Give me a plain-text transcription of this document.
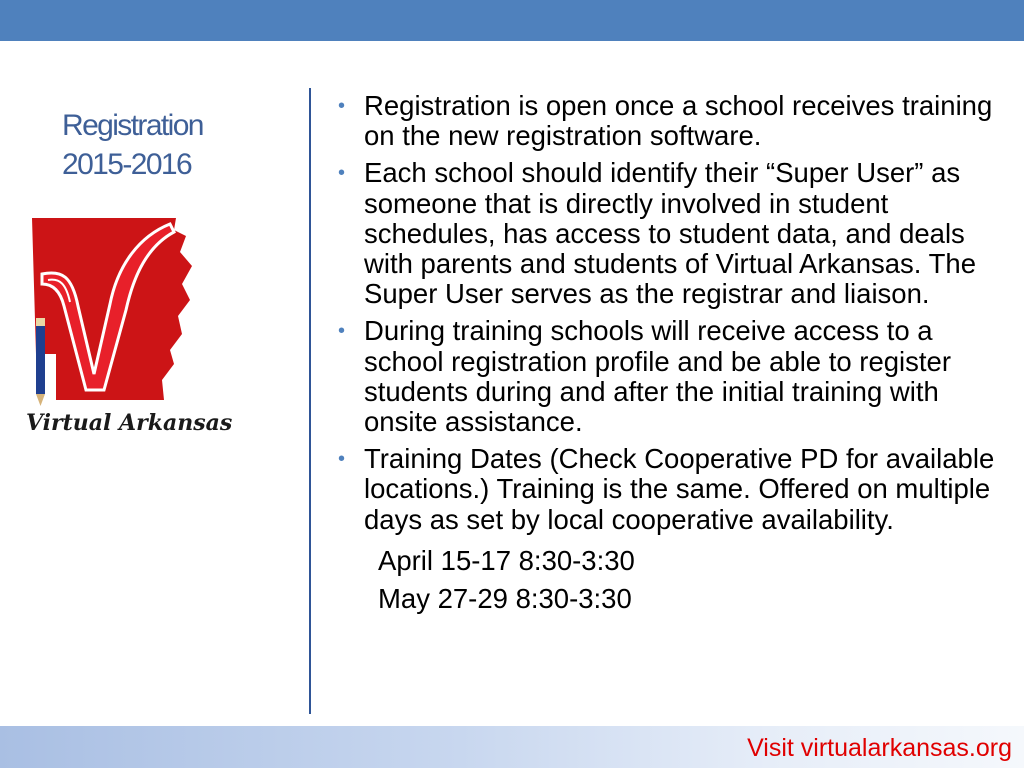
Registration
2015-2016
Virtual Arkansas
• Registration is open once a school receives training on the new registration software.
• Each school should identify their “Super User” as someone that is directly involved in student schedules, has access to student data, and deals with parents and students of Virtual Arkansas. The Super User serves as the registrar and liaison.
• During training schools will receive access to a school registration profile and be able to register students during and after the initial training with onsite assistance.
• Training Dates (Check Cooperative PD for available locations.) Training is the same. Offered on multiple days as set by local cooperative availability.
April 15-17 8:30-3:30
May 27-29 8:30-3:30
Visit virtualarkansas.org
